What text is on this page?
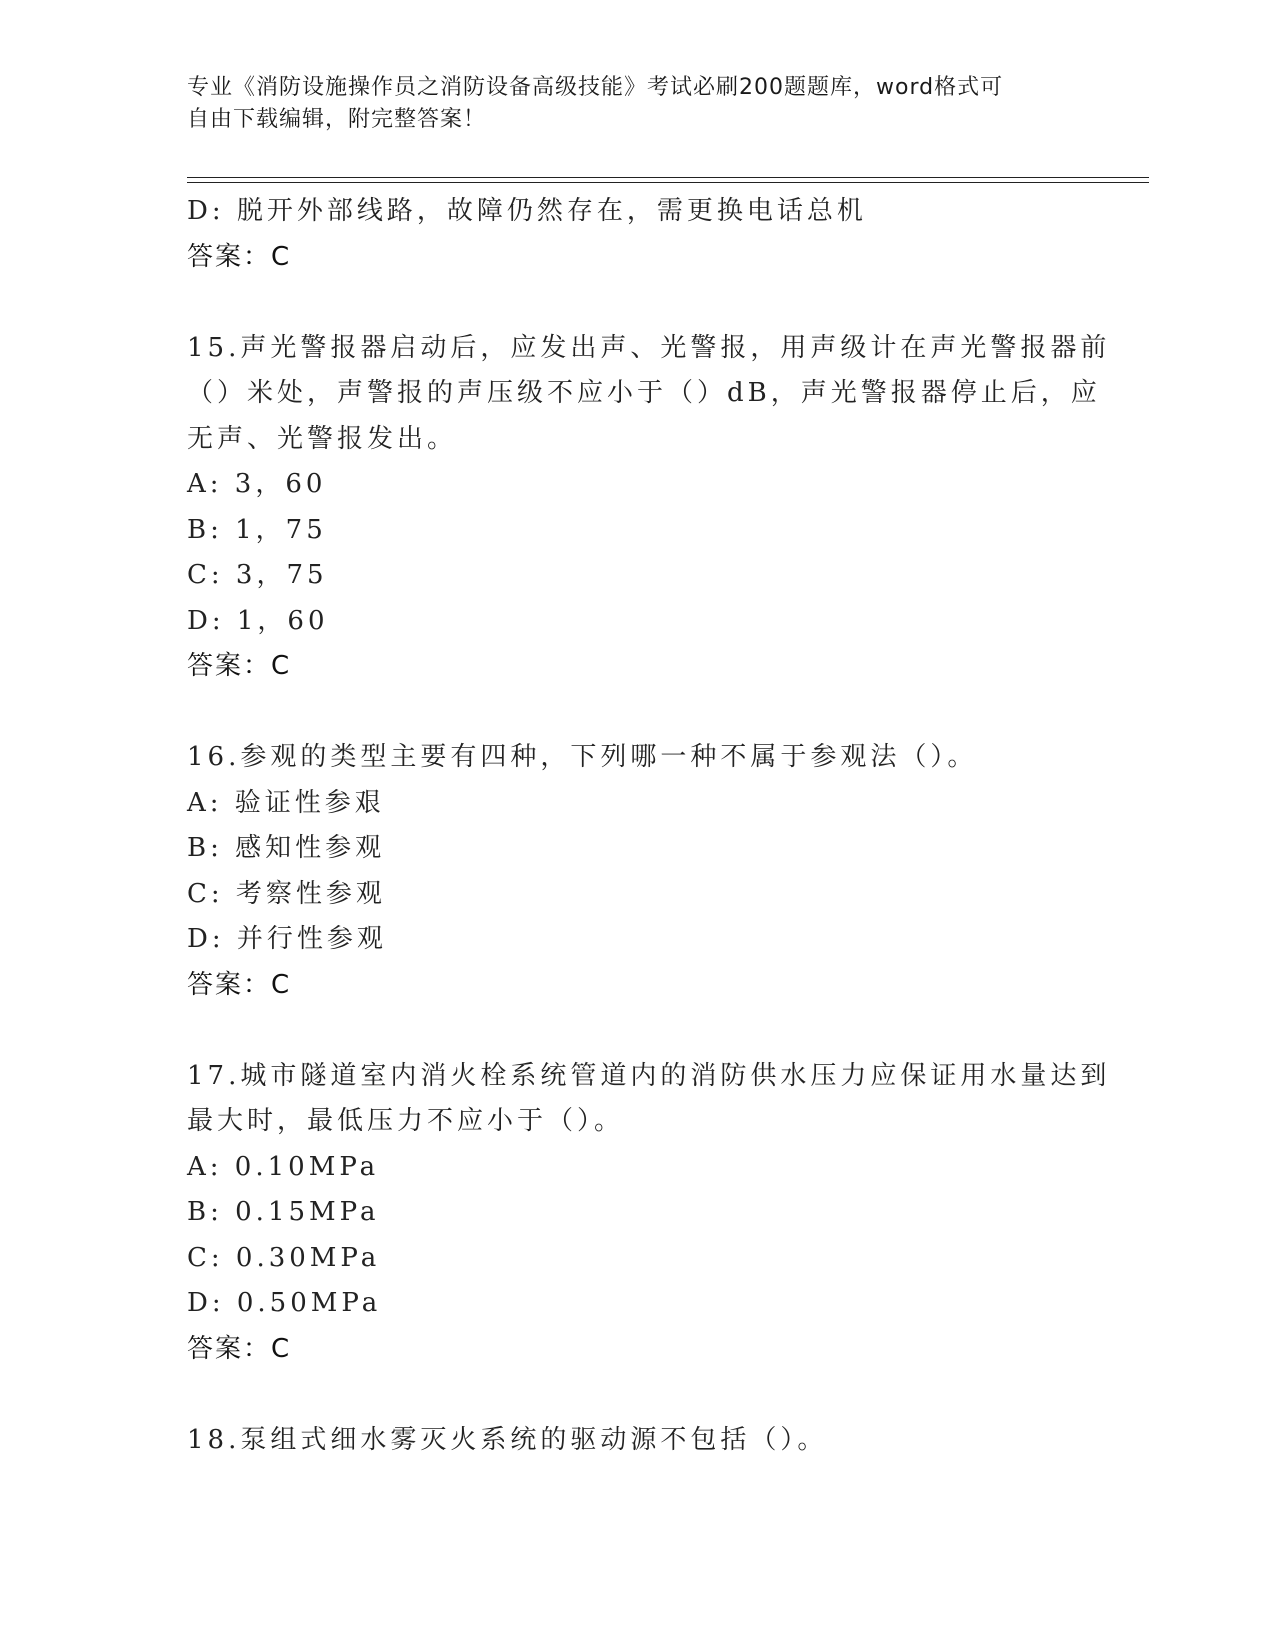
专业《消防设施操作员之消防设备高级技能》考试必刷200题题库，word格式可
自由下载编辑，附完整答案！
D: 脱开外部线路，故障仍然存在，需更换电话总机
答案：C
15.声光警报器启动后，应发出声、光警报，用声级计在声光警报器前
（）米处，声警报的声压级不应小于（）dB，声光警报器停止后，应
无声、光警报发出。
A: 3，60
B: 1，75
C: 3，75
D: 1，60
答案：C
16.参观的类型主要有四种，下列哪一种不属于参观法（）。
A: 验证性参艰
B: 感知性参观
C: 考察性参观
D: 并行性参观
答案：C
17.城市隧道室内消火栓系统管道内的消防供水压力应保证用水量达到
最大时，最低压力不应小于（）。
A: 0.10MPa
B: 0.15MPa
C: 0.30MPa
D: 0.50MPa
答案：C
18.泵组式细水雾灭火系统的驱动源不包括（）。
